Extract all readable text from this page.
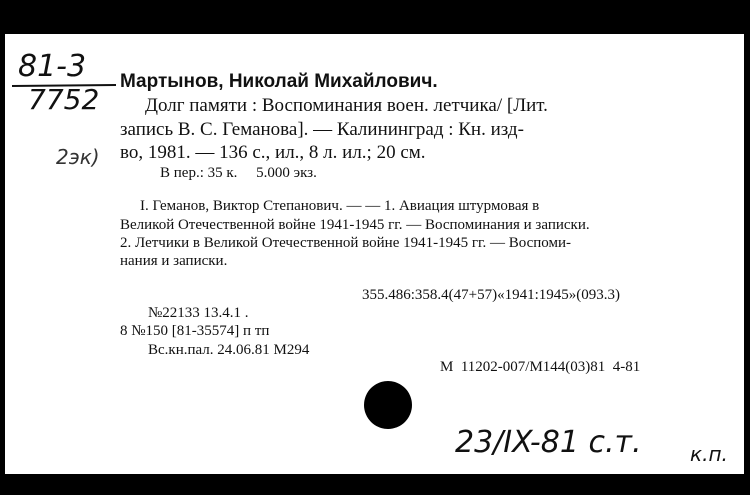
81-3
7752
2эк)
Мартынов, Николай Михайлович.
Долг памяти : Воспоминания воен. летчика/ [Лит.
запись В. С. Геманова]. — Калининград : Кн. изд-
во, 1981. — 136 с., ил., 8 л. ил.; 20 см.
В пер.: 35 к.     5.000 экз.
I. Геманов, Виктор Степанович. — — 1. Авиация штурмовая в
Великой Отечественной войне 1941-1945 гг. — Воспоминания и записки.
2. Летчики в Великой Отечественной войне 1941-1945 гг. — Воспоми-
нания и записки.
355.486:358.4(47+57)«1941:1945»(093.3)
№22133 13.4.1 .
8 №150 [81-35574] п тп
Вс.кн.пал. 24.06.81 М294
М  11202-007/М144(03)81  4-81
23/IX-81 с.т. к.п.
